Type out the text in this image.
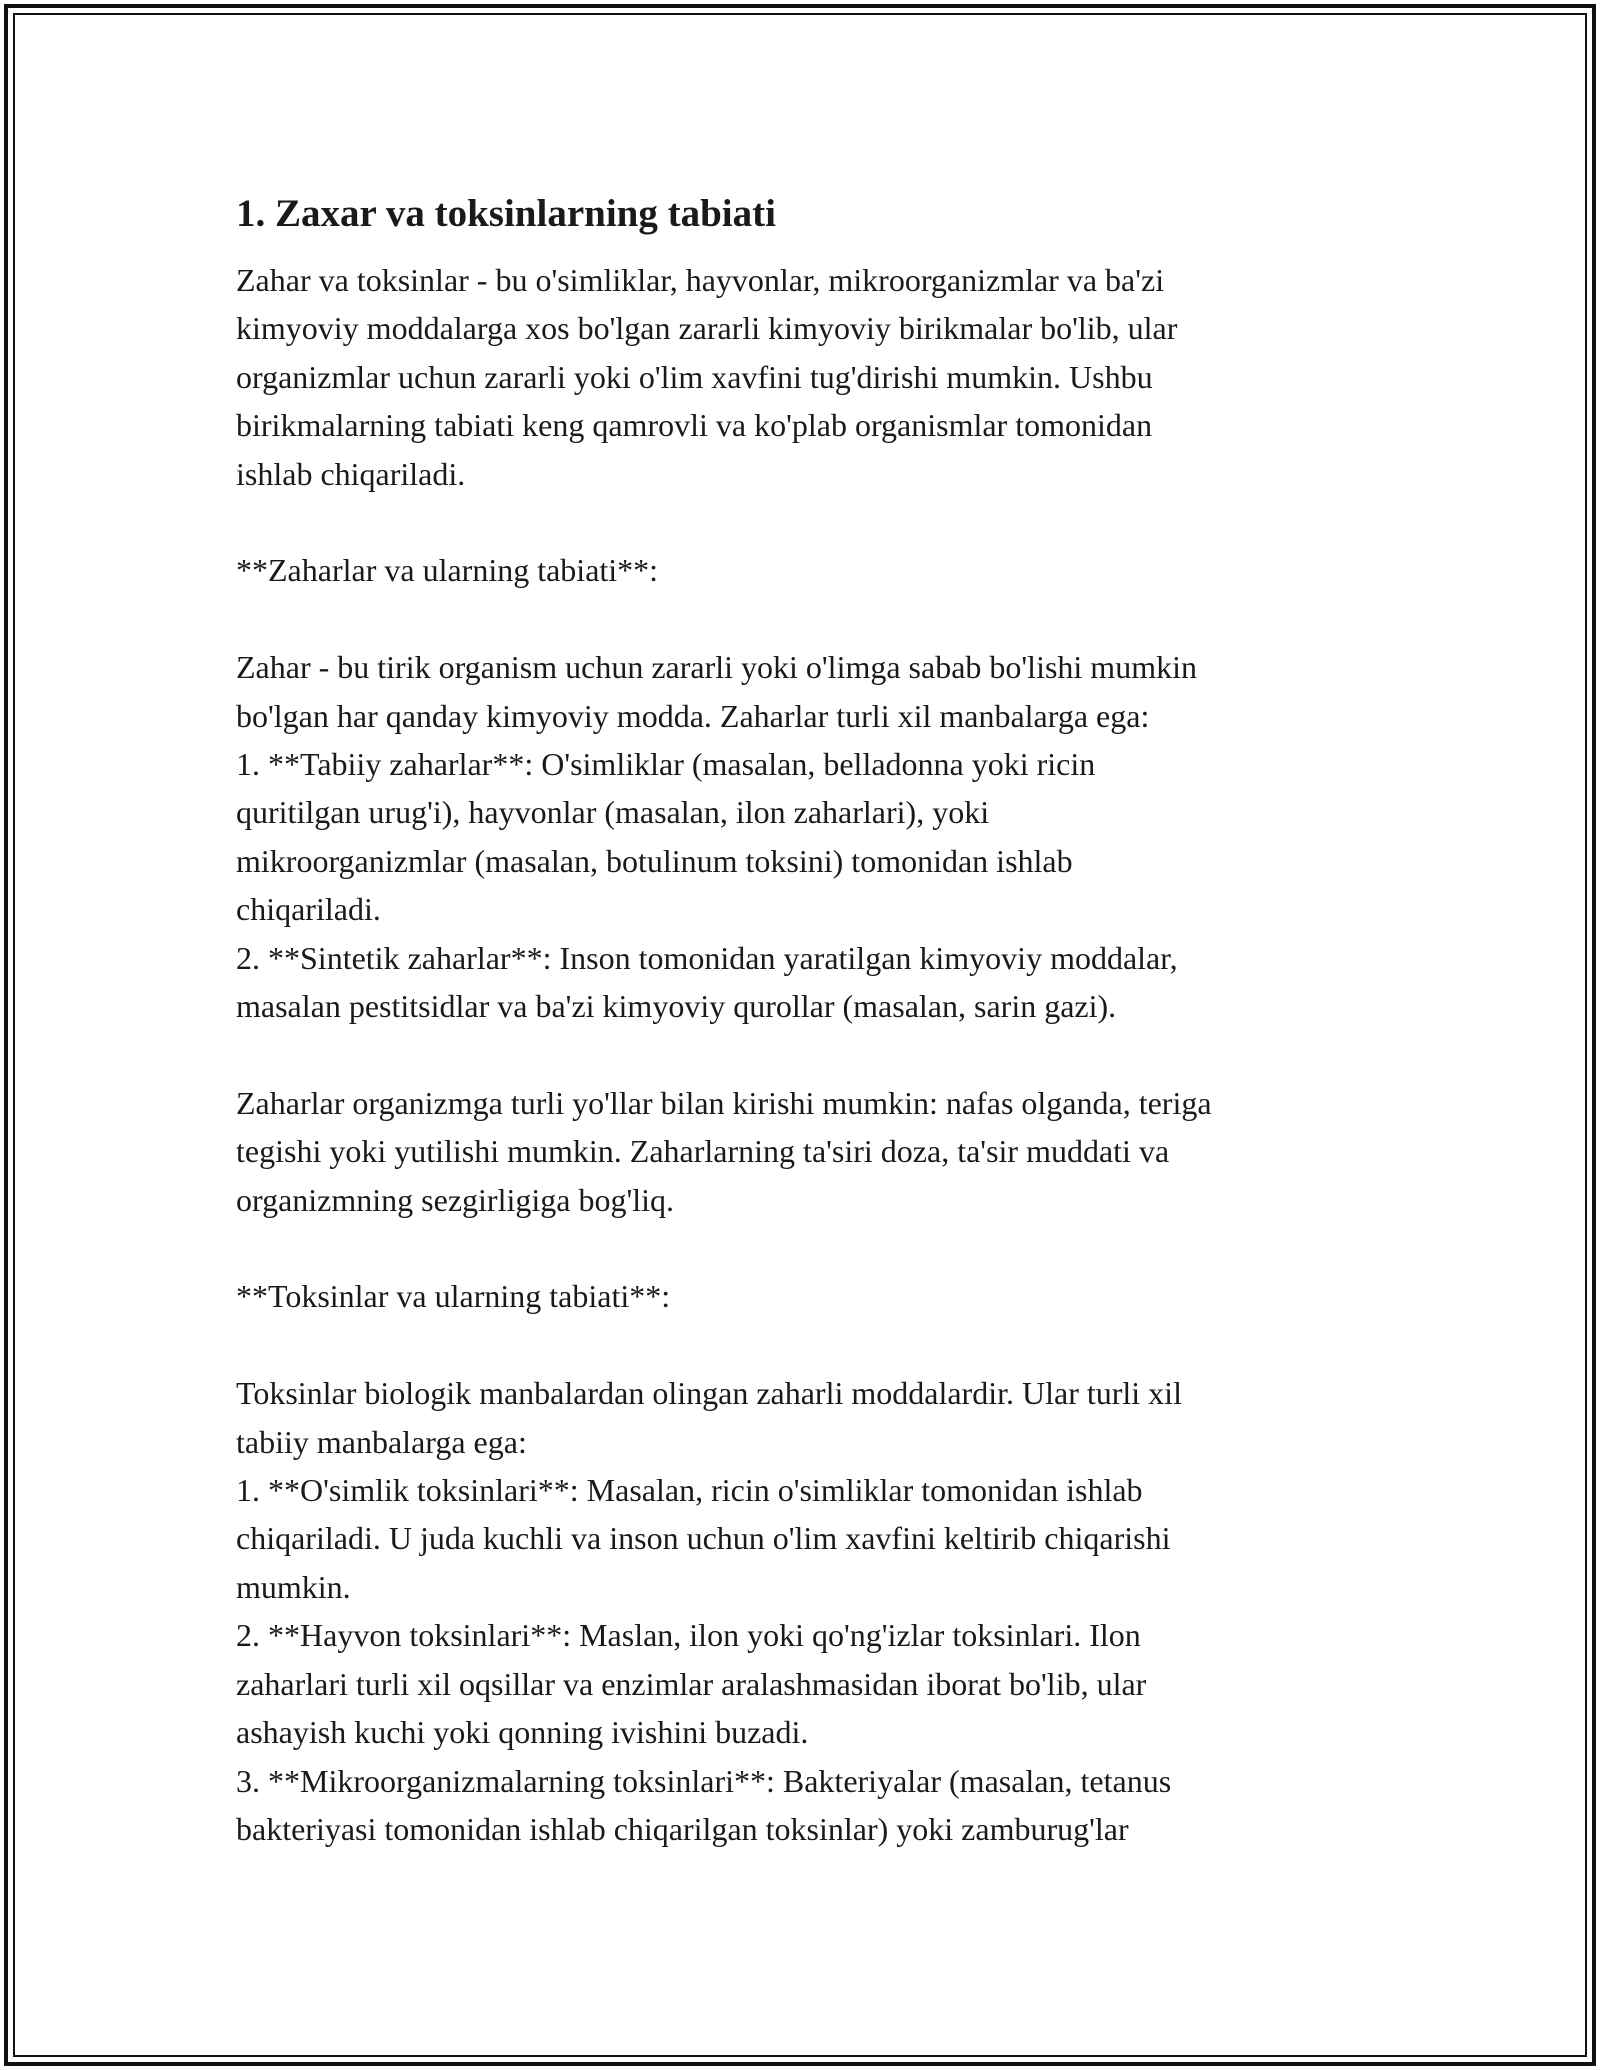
1. Zaxar va toksinlarning tabiati
Zahar va toksinlar - bu o'simliklar, hayvonlar, mikroorganizmlar va ba'zi
kimyoviy moddalarga xos bo'lgan zararli kimyoviy birikmalar bo'lib, ular
organizmlar uchun zararli yoki o'lim xavfini tug'dirishi mumkin. Ushbu
birikmalarning tabiati keng qamrovli va ko'plab organismlar tomonidan
ishlab chiqariladi.
**Zaharlar va ularning tabiati**:
Zahar - bu tirik organism uchun zararli yoki o'limga sabab bo'lishi mumkin
bo'lgan har qanday kimyoviy modda. Zaharlar turli xil manbalarga ega:
1. **Tabiiy zaharlar**: O'simliklar (masalan, belladonna yoki ricin
quritilgan urug'i), hayvonlar (masalan, ilon zaharlari), yoki
mikroorganizmlar (masalan, botulinum toksini) tomonidan ishlab
chiqariladi.
2. **Sintetik zaharlar**: Inson tomonidan yaratilgan kimyoviy moddalar,
masalan pestitsidlar va ba'zi kimyoviy qurollar (masalan, sarin gazi).
Zaharlar organizmga turli yo'llar bilan kirishi mumkin: nafas olganda, teriga
tegishi yoki yutilishi mumkin. Zaharlarning ta'siri doza, ta'sir muddati va
organizmning sezgirligiga bog'liq.
**Toksinlar va ularning tabiati**:
Toksinlar biologik manbalardan olingan zaharli moddalardir. Ular turli xil
tabiiy manbalarga ega:
1. **O'simlik toksinlari**: Masalan, ricin o'simliklar tomonidan ishlab
chiqariladi. U juda kuchli va inson uchun o'lim xavfini keltirib chiqarishi
mumkin.
2. **Hayvon toksinlari**: Maslan, ilon yoki qo'ng'izlar toksinlari. Ilon
zaharlari turli xil oqsillar va enzimlar aralashmasidan iborat bo'lib, ular
ashayish kuchi yoki qonning ivishini buzadi.
3. **Mikroorganizmalarning toksinlari**: Bakteriyalar (masalan, tetanus
bakteriyasi tomonidan ishlab chiqarilgan toksinlar) yoki zamburug'lar
